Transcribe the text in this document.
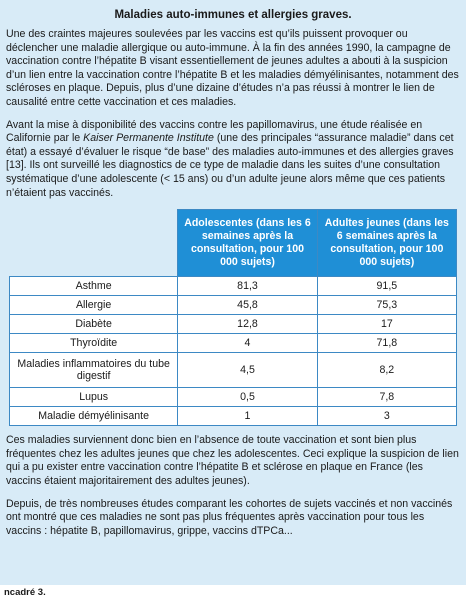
Maladies auto-immunes et allergies graves.

Une des craintes majeures soulevées par les vaccins est qu’ils puissent provoquer ou déclencher une maladie allergique ou auto-immune. À la fin des années 1990, la campagne de vaccination contre l’hépatite B visant essentiellement de jeunes adultes a abouti à la suspicion d’un lien entre la vaccination contre l’hépatite B et les maladies démyélinisantes, notamment des scléroses en plaque. Depuis, plus d’une dizaine d’études n’a pas réussi à montrer le lien de causalité entre cette vaccination et ces maladies.

Avant la mise à disponibilité des vaccins contre les papillomavirus, une étude réalisée en Californie par le Kaiser Permanente Institute (une des principales “assurance maladie” dans cet état) a essayé d’évaluer le risque “de base” des maladies auto-immunes et des allergies graves [13]. Ils ont surveillé les diagnostics de ce type de maladie dans les suites d’une consultation systématique d’une adolescente (< 15 ans) ou d’un adulte jeune alors même que ces patients n’étaient pas vaccinés.

	Adolescentes (dans les 6 semaines après la consultation, pour 100 000 sujets)	Adultes jeunes (dans les 6 semaines après la consultation, pour 100 000 sujets)
Asthme	81,3	91,5
Allergie	45,8	75,3
Diabète	12,8	17
Thyroïdite	4	71,8
Maladies inflammatoires du tube digestif	4,5	8,2
Lupus	0,5	7,8
Maladie démyélinisante	1	3

Ces maladies surviennent donc bien en l’absence de toute vaccination et sont bien plus fréquentes chez les adultes jeunes que chez les adolescentes. Ceci explique la suspicion de lien qui a pu exister entre vaccination contre l’hépatite B et sclérose en plaque en France (les vaccins étaient majoritairement des adultes jeunes).

Depuis, de très nombreuses études comparant les cohortes de sujets vaccinés et non vaccinés ont montré que ces maladies ne sont pas plus fréquentes après vaccination pour tous les vaccins : hépatite B, papillomavirus, grippe, vaccins dTPCa...

ncadré 3.
